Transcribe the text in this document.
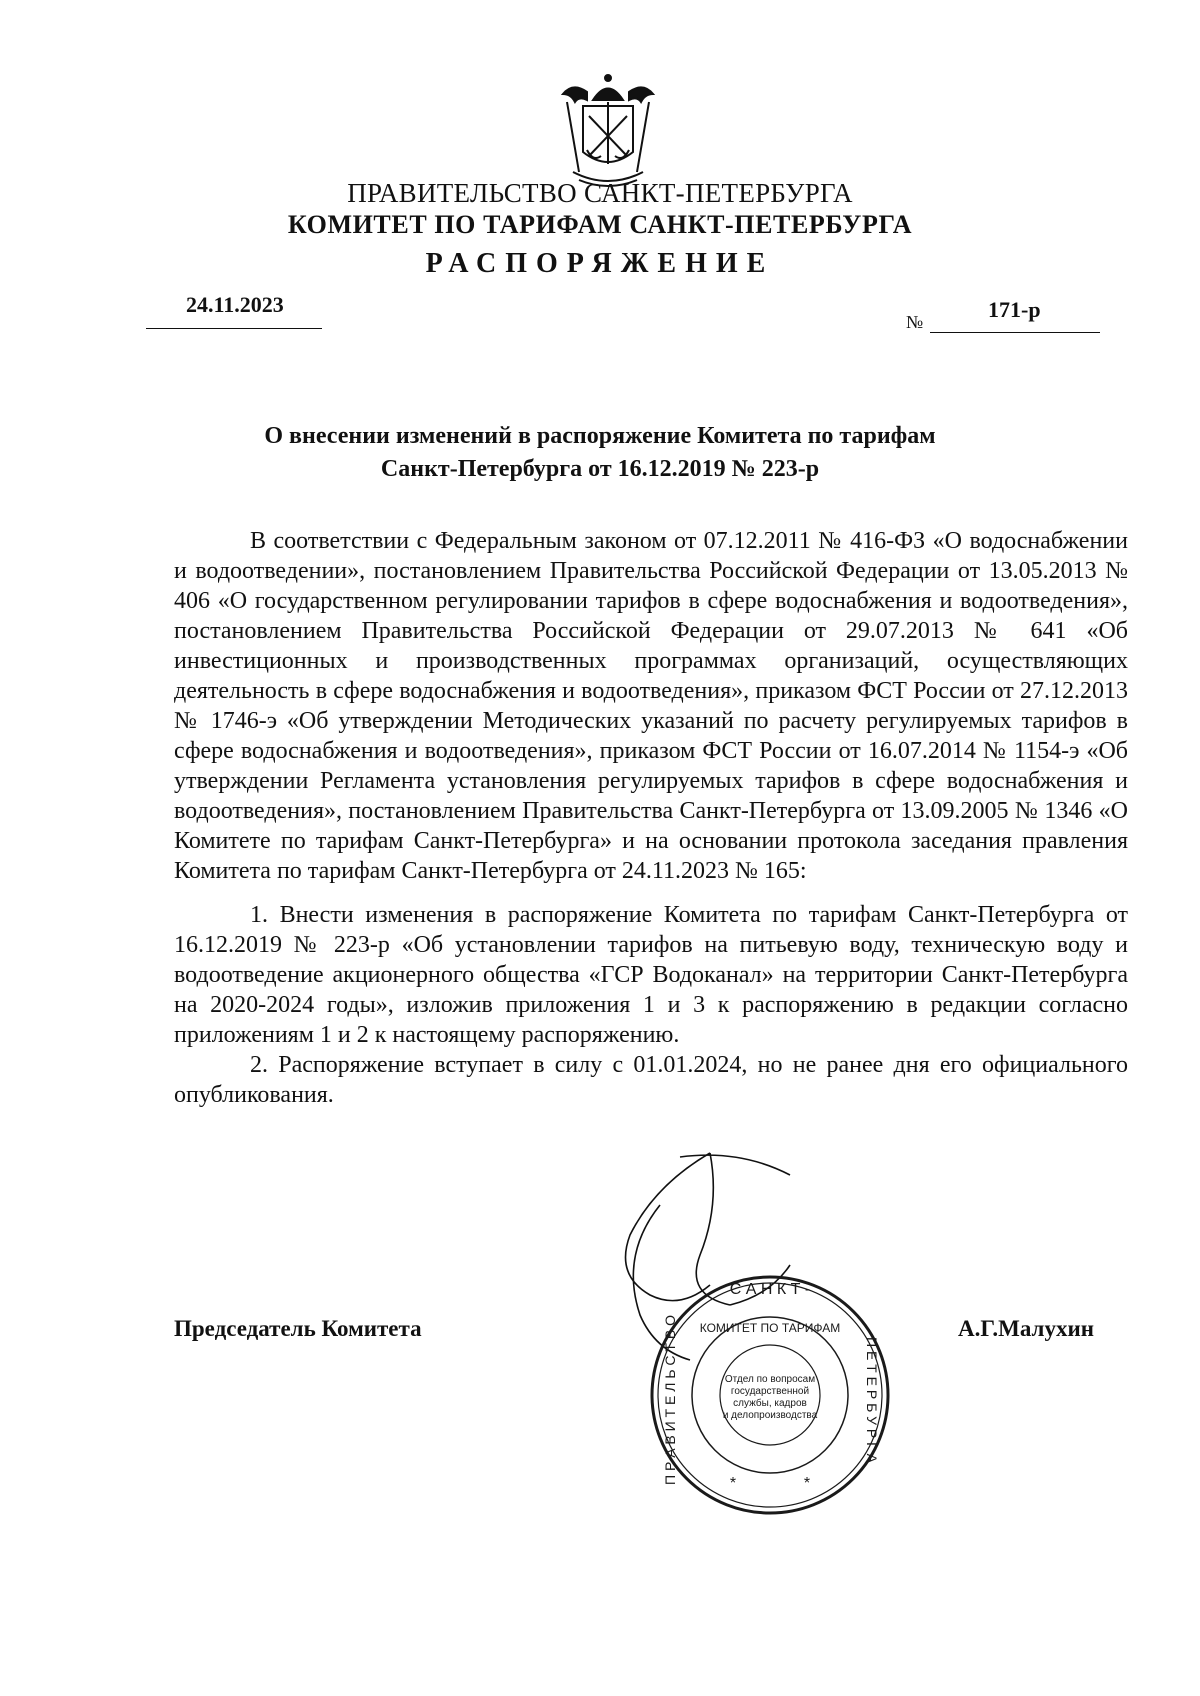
ПРАВИТЕЛЬСТВО САНКТ-ПЕТЕРБУРГА
КОМИТЕТ ПО ТАРИФАМ САНКТ-ПЕТЕРБУРГА
РАСПОРЯЖЕНИЕ
24.11.2023
№	171-р
О внесении изменений в распоряжение Комитета по тарифам
Санкт-Петербурга от 16.12.2019 № 223-р

В соответствии с Федеральным законом от 07.12.2011 № 416-ФЗ «О водоснабжении и водоотведении», постановлением Правительства Российской Федерации от 13.05.2013 № 406 «О государственном регулировании тарифов в сфере водоснабжения и водоотведения», постановлением Правительства Российской Федерации от 29.07.2013 № 641 «Об инвестиционных и производственных программах организаций, осуществляющих деятельность в сфере водоснабжения и водоотведения», приказом ФСТ России от 27.12.2013 № 1746-э «Об утверждении Методических указаний по расчету регулируемых тарифов в сфере водоснабжения и водоотведения», приказом ФСТ России от 16.07.2014 № 1154-э «Об утверждении Регламента установления регулируемых тарифов в сфере водоснабжения и водоотведения», постановлением Правительства Санкт-Петербурга от 13.09.2005 № 1346 «О Комитете по тарифам Санкт-Петербурга» и на основании протокола заседания правления Комитета по тарифам Санкт-Петербурга от 24.11.2023 № 165:

1. Внести изменения в распоряжение Комитета по тарифам Санкт-Петербурга от 16.12.2019 № 223-р «Об установлении тарифов на питьевую воду, техническую воду и водоотведение акционерного общества «ГСР Водоканал» на территории Санкт-Петербурга на 2020-2024 годы», изложив приложения 1 и 3 к распоряжению в редакции согласно приложениям 1 и 2 к настоящему распоряжению.

2. Распоряжение вступает в силу с 01.01.2024, но не ранее дня его официального опубликования.

С А Н К Т -
П Р А В И Т Е Л Ь С Т В О	П Е Т Е Р Б У Р Г А
КОМИТЕТ ПО ТАРИФАМ
Отдел по вопросам
государственной
службы, кадров
и делопроизводства
*	*
Председатель Комитета	А.Г.Малухин
